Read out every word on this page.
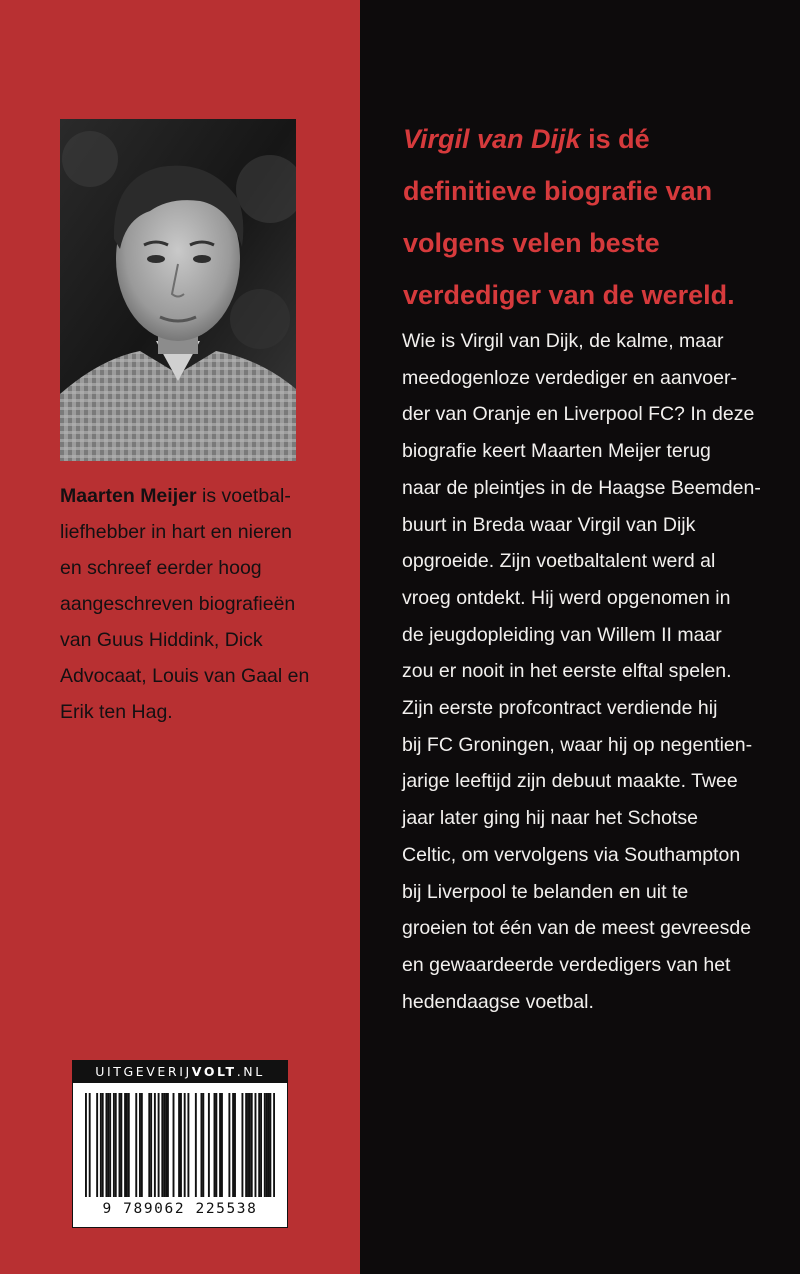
Maarten Meijer is voetbal-
liefhebber in hart en nieren
en schreef eerder hoog
aangeschreven biografieën
van Guus Hiddink, Dick
Advocaat, Louis van Gaal en
Erik ten Hag.
UITGEVERIJVOLT.NL
9 789062 225538
Virgil van Dijk is dé
definitieve biografie van
volgens velen beste
verdediger van de wereld.
Wie is Virgil van Dijk, de kalme, maar
meedogenloze verdediger en aanvoer-
der van Oranje en Liverpool FC? In deze
biografie keert Maarten Meijer terug
naar de pleintjes in de Haagse Beemden-
buurt in Breda waar Virgil van Dijk
opgroeide. Zijn voetbaltalent werd al
vroeg ontdekt. Hij werd opgenomen in
de jeugdopleiding van Willem II maar
zou er nooit in het eerste elftal spelen.
Zijn eerste profcontract verdiende hij
bij FC Groningen, waar hij op negentien-
jarige leeftijd zijn debuut maakte. Twee
jaar later ging hij naar het Schotse
Celtic, om vervolgens via Southampton
bij Liverpool te belanden en uit te
groeien tot één van de meest gevreesde
en gewaardeerde verdedigers van het
hedendaagse voetbal.
